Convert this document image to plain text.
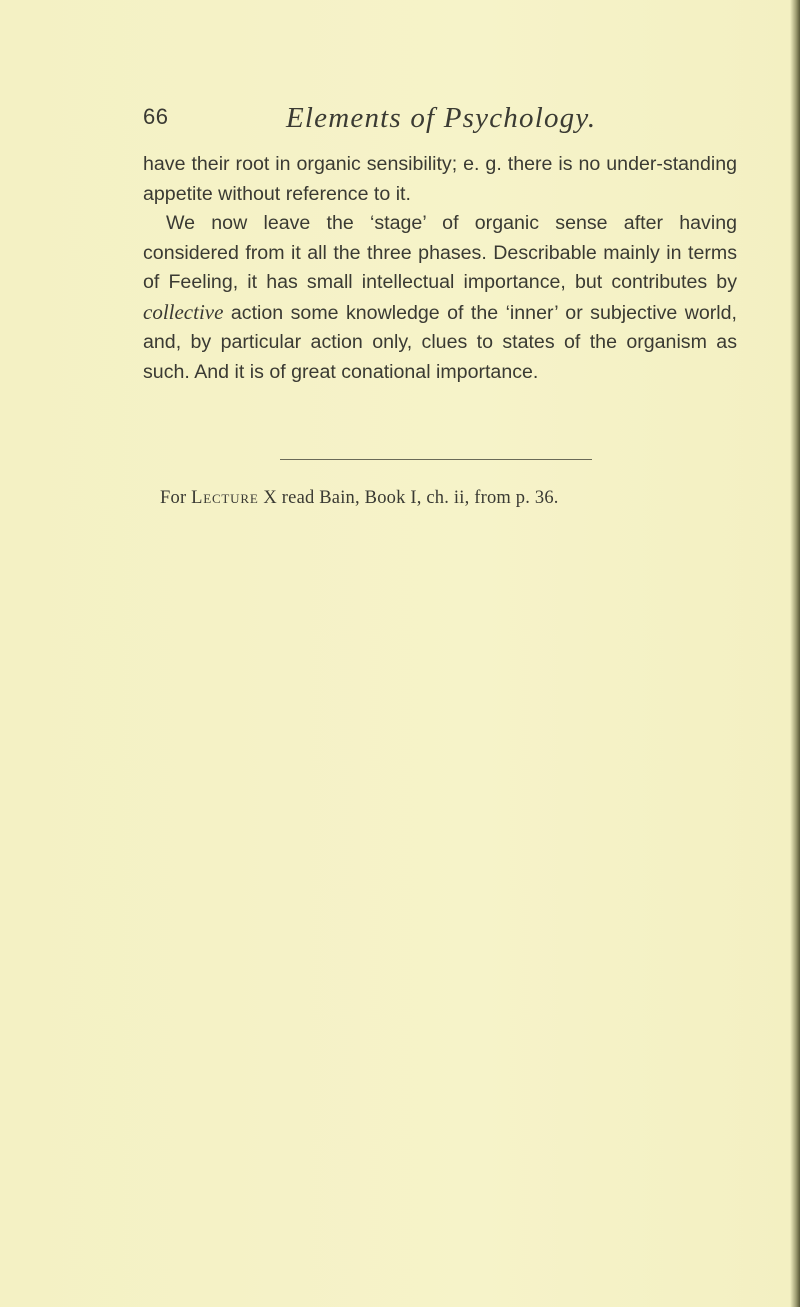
66	Elements of Psychology.

have their root in organic sensibility; e. g. there is no under-standing appetite without reference to it.

We now leave the ‘stage’ of organic sense after having considered from it all the three phases. Describable mainly in terms of Feeling, it has small intellectual importance, but contributes by collective action some knowledge of the ‘inner’ or subjective world, and, by particular action only, clues to states of the organism as such. And it is of great conational importance.

For Lecture X read Bain, Book I, ch. ii, from p. 36.
